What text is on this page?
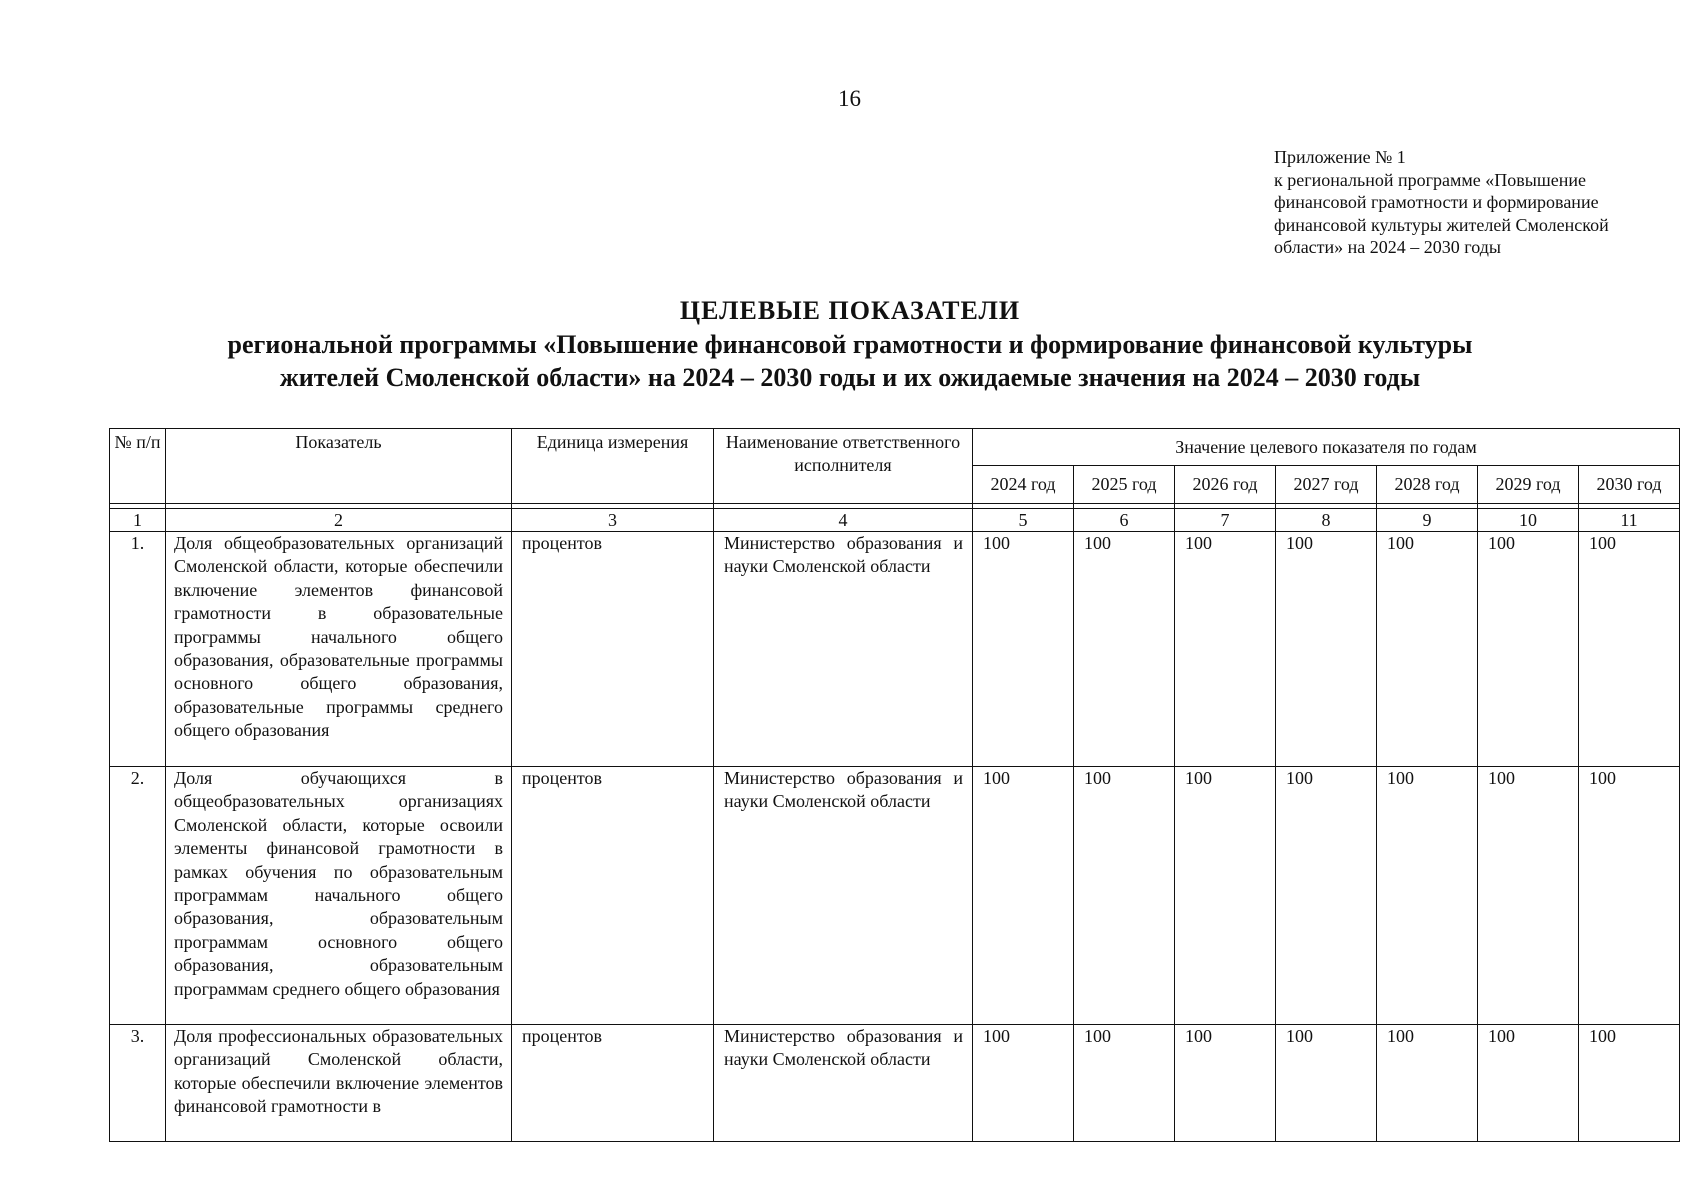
16
Приложение № 1
к региональной программе «Повышение
финансовой грамотности и формирование
финансовой культуры жителей Смоленской
области» на 2024 – 2030 годы
ЦЕЛЕВЫЕ ПОКАЗАТЕЛИ
региональной программы «Повышение финансовой грамотности и формирование финансовой культуры
жителей Смоленской области» на 2024 – 2030 годы и их ожидаемые значения на 2024 – 2030 годы
№ п/п	Показатель	Единица измерения	Наименование ответственного исполнителя	Значение целевого показателя по годам						
				2024 год	2025 год	2026 год	2027 год	2028 год	2029 год	2030 год

1	2	3	4	5	6	7	8	9	10	11
1.	Доля общеобразовательных организаций Смоленской области, которые обеспечили включение элементов финансовой грамотности в образовательные программы начального общего образования, образовательные программы основного общего образования, образовательные программы среднего общего образования	процентов	Министерство образования и науки Смоленской области	100	100	100	100	100	100	100
2.	Доля обучающихся в общеобразовательных организациях Смоленской области, которые освоили элементы финансовой грамотности в рамках обучения по образовательным программам начального общего образования, образовательным программам основного общего образования, образовательным программам среднего общего образования	процентов	Министерство образования и науки Смоленской области	100	100	100	100	100	100	100
3.	Доля профессиональных образовательных организаций Смоленской области, которые обеспечили включение элементов финансовой грамотности в	процентов	Министерство образования и науки Смоленской области	100	100	100	100	100	100	100
